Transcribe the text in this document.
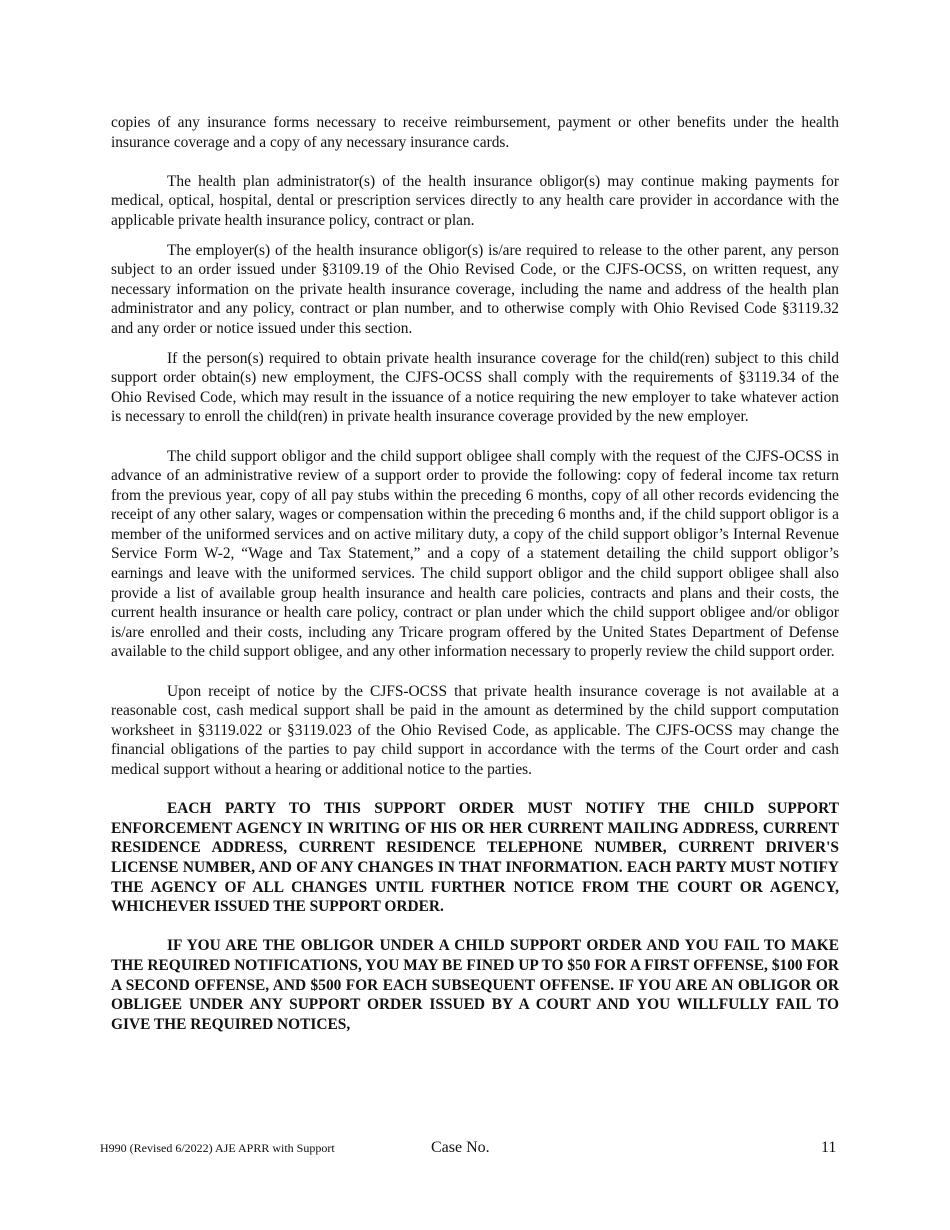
copies of any insurance forms necessary to receive reimbursement, payment or other benefits under the health insurance coverage and a copy of any necessary insurance cards.

The health plan administrator(s) of the health insurance obligor(s) may continue making payments for medical, optical, hospital, dental or prescription services directly to any health care provider in accordance with the applicable private health insurance policy, contract or plan.

The employer(s) of the health insurance obligor(s) is/are required to release to the other parent, any person subject to an order issued under §3109.19 of the Ohio Revised Code, or the CJFS-OCSS, on written request, any necessary information on the private health insurance coverage, including the name and address of the health plan administrator and any policy, contract or plan number, and to otherwise comply with Ohio Revised Code §3119.32 and any order or notice issued under this section.

If the person(s) required to obtain private health insurance coverage for the child(ren) subject to this child support order obtain(s) new employment, the CJFS-OCSS shall comply with the requirements of §3119.34 of the Ohio Revised Code, which may result in the issuance of a notice requiring the new employer to take whatever action is necessary to enroll the child(ren) in private health insurance coverage provided by the new employer.

The child support obligor and the child support obligee shall comply with the request of the CJFS-OCSS in advance of an administrative review of a support order to provide the following: copy of federal income tax return from the previous year, copy of all pay stubs within the preceding 6 months, copy of all other records evidencing the receipt of any other salary, wages or compensation within the preceding 6 months and, if the child support obligor is a member of the uniformed services and on active military duty, a copy of the child support obligor’s Internal Revenue Service Form W-2, “Wage and Tax Statement,” and a copy of a statement detailing the child support obligor’s earnings and leave with the uniformed services. The child support obligor and the child support obligee shall also provide a list of available group health insurance and health care policies, contracts and plans and their costs, the current health insurance or health care policy, contract or plan under which the child support obligee and/or obligor is/are enrolled and their costs, including any Tricare program offered by the United States Department of Defense available to the child support obligee, and any other information necessary to properly review the child support order.

Upon receipt of notice by the CJFS-OCSS that private health insurance coverage is not available at a reasonable cost, cash medical support shall be paid in the amount as determined by the child support computation worksheet in §3119.022 or §3119.023 of the Ohio Revised Code, as applicable. The CJFS-OCSS may change the financial obligations of the parties to pay child support in accordance with the terms of the Court order and cash medical support without a hearing or additional notice to the parties.

EACH PARTY TO THIS SUPPORT ORDER MUST NOTIFY THE CHILD SUPPORT ENFORCEMENT AGENCY IN WRITING OF HIS OR HER CURRENT MAILING ADDRESS, CURRENT RESIDENCE ADDRESS, CURRENT RESIDENCE TELEPHONE NUMBER, CURRENT DRIVER'S LICENSE NUMBER, AND OF ANY CHANGES IN THAT INFORMATION. EACH PARTY MUST NOTIFY THE AGENCY OF ALL CHANGES UNTIL FURTHER NOTICE FROM THE COURT OR AGENCY, WHICHEVER ISSUED THE SUPPORT ORDER.

IF YOU ARE THE OBLIGOR UNDER A CHILD SUPPORT ORDER AND YOU FAIL TO MAKE THE REQUIRED NOTIFICATIONS, YOU MAY BE FINED UP TO $50 FOR A FIRST OFFENSE, $100 FOR A SECOND OFFENSE, AND $500 FOR EACH SUBSEQUENT OFFENSE. IF YOU ARE AN OBLIGOR OR OBLIGEE UNDER ANY SUPPORT ORDER ISSUED BY A COURT AND YOU WILLFULLY FAIL TO GIVE THE REQUIRED NOTICES,

H990 (Revised 6/2022) AJE APRR with Support	Case No.	11
